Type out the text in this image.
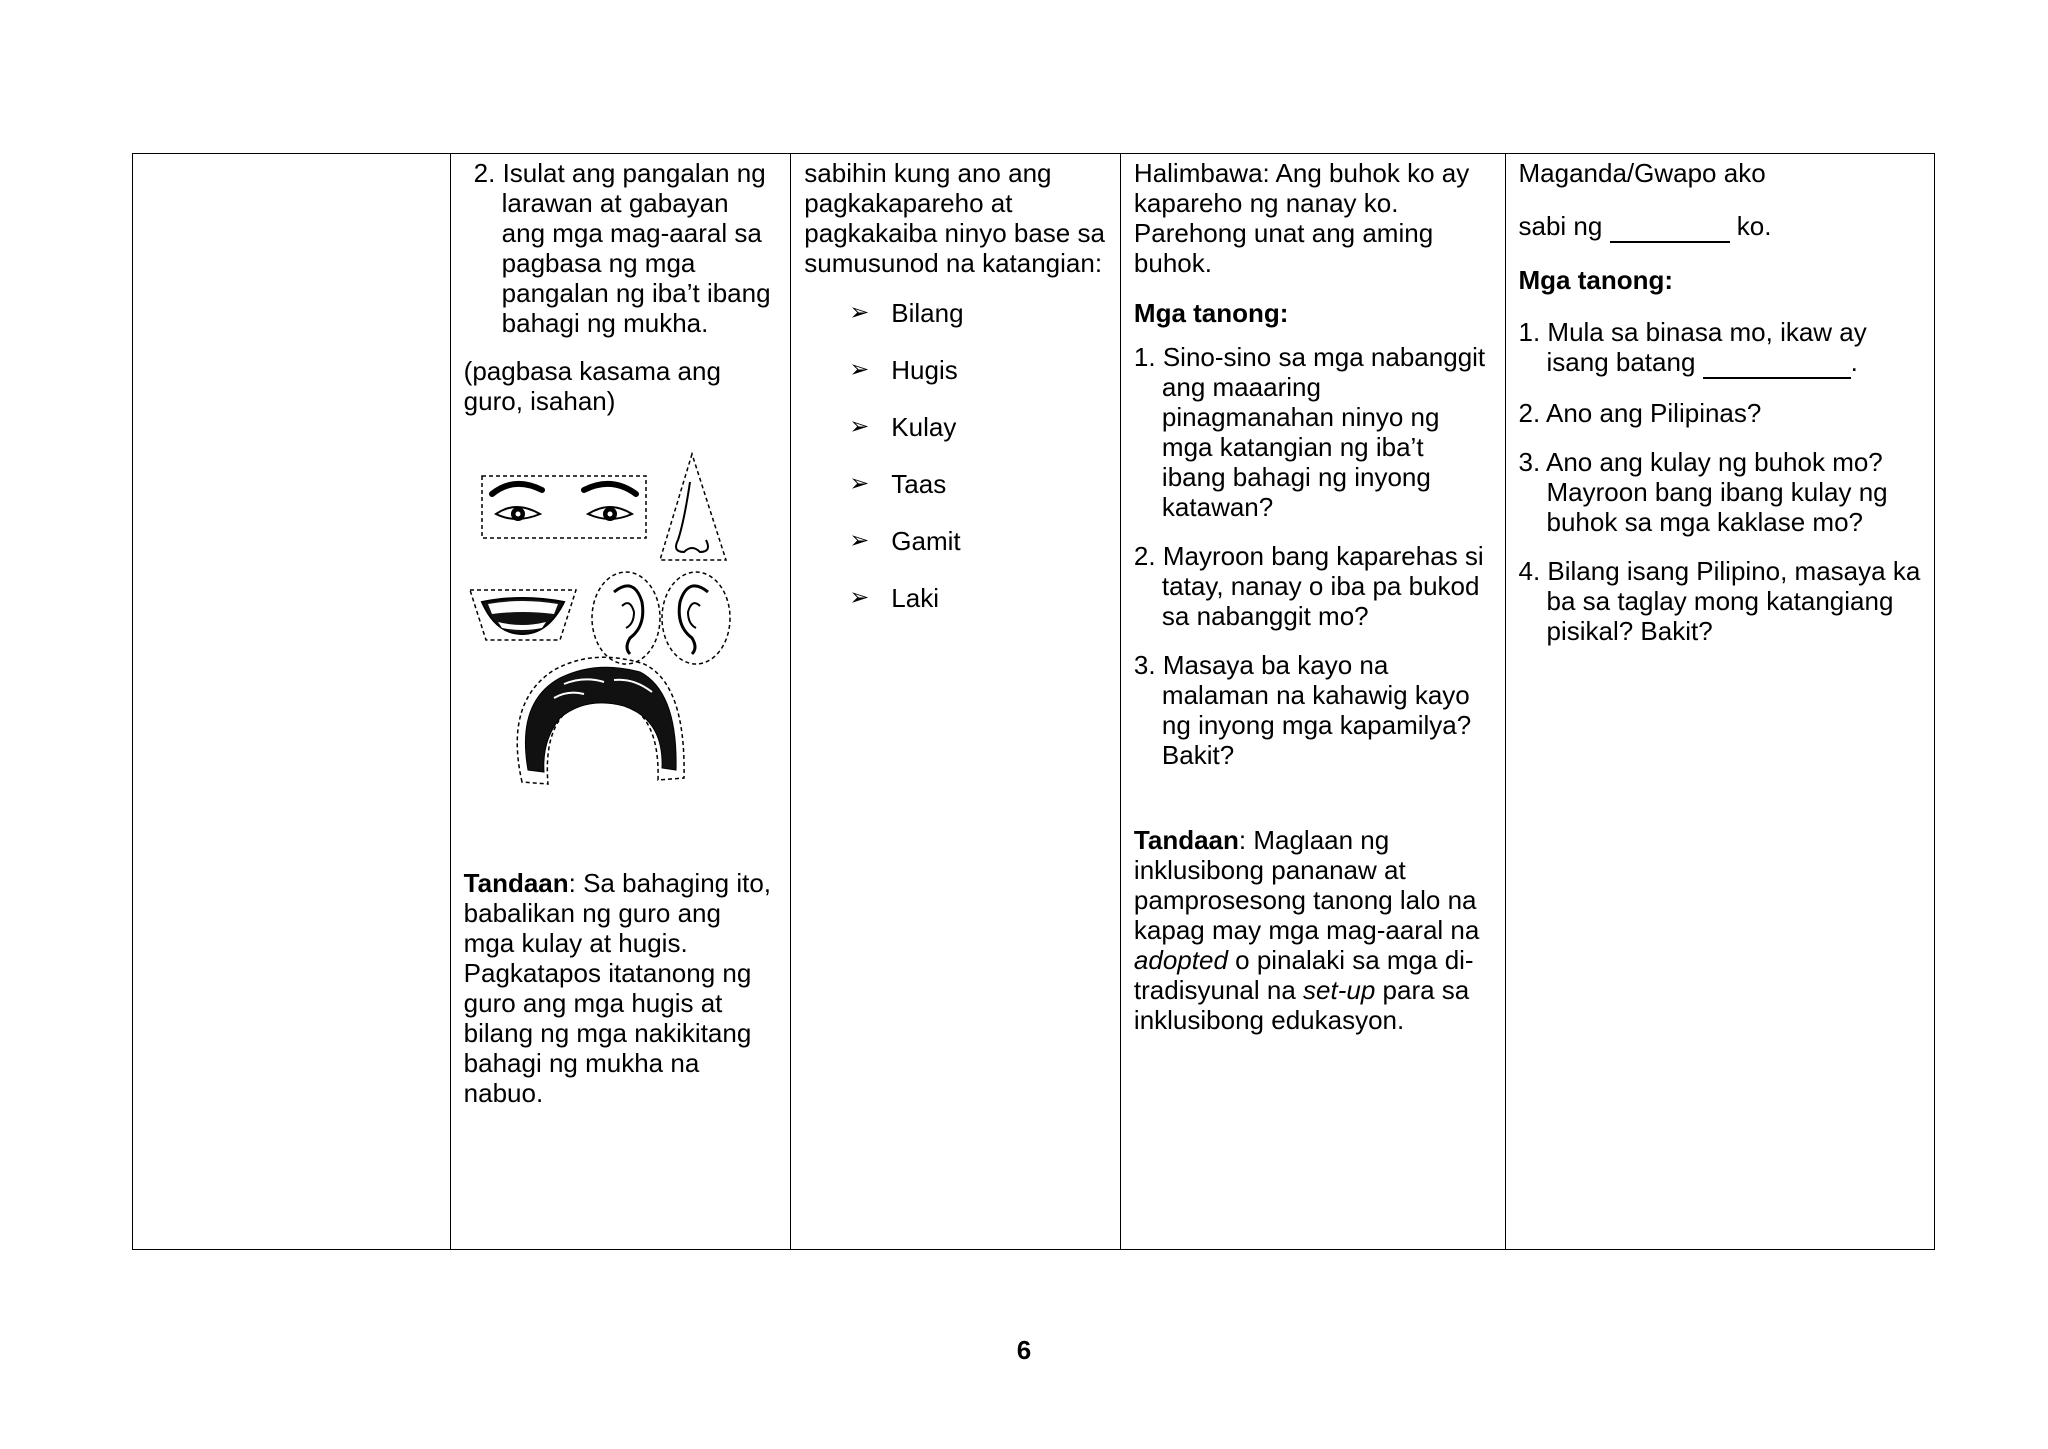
2. Isulat ang pangalan ng larawan at gabayan ang mga mag-aaral sa pagbasa ng mga pangalan ng iba’t ibang bahagi ng mukha.

(pagbasa kasama ang guro, isahan)

Tandaan: Sa bahaging ito, babalikan ng guro ang mga kulay at hugis. Pagkatapos itatanong ng guro ang mga hugis at bilang ng mga nakikitang bahagi ng mukha na nabuo.

sabihin kung ano ang pagkakapareho at pagkakaiba ninyo base sa sumusunod na katangian:

➢ Bilang
➢ Hugis
➢ Kulay
➢ Taas
➢ Gamit
➢ Laki

Halimbawa: Ang buhok ko ay kapareho ng nanay ko. Parehong unat ang aming buhok.

Mga tanong:

1. Sino-sino sa mga nabanggit ang maaaring pinagmanahan ninyo ng mga katangian ng iba’t ibang bahagi ng inyong katawan?
2. Mayroon bang kaparehas si tatay, nanay o iba pa bukod sa nabanggit mo?
3. Masaya ba kayo na malaman na kahawig kayo ng inyong mga kapamilya? Bakit?

Tandaan: Maglaan ng inklusibong pananaw at pamprosesong tanong lalo na kapag may mga mag-aaral na adopted o pinalaki sa mga di-tradisyunal na set-up para sa inklusibong edukasyon.

Maganda/Gwapo ako

sabi ng	ko.

Mga tanong:

1. Mula sa binasa mo, ikaw ay isang batang	.
2. Ano ang Pilipinas?
3. Ano ang kulay ng buhok mo? Mayroon bang ibang kulay ng buhok sa mga kaklase mo?
4. Bilang isang Pilipino, masaya ka ba sa taglay mong katangiang pisikal? Bakit?
6
